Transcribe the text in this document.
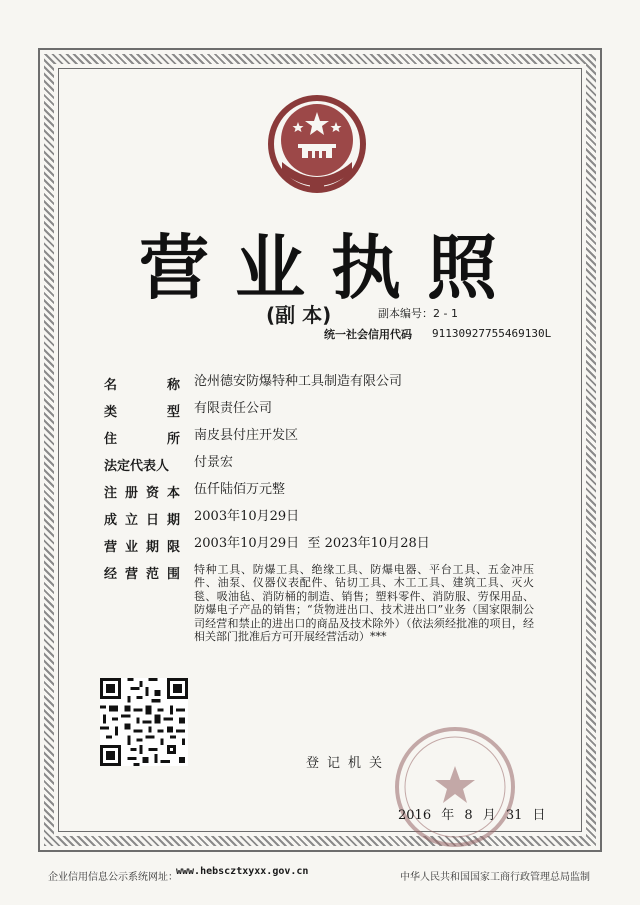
营业执照
(副 本)	副本编号：2 - 1
统一社会信用代码 91130927755469130L
名	称 沧州德安防爆特种工具制造有限公司
类	型 有限责任公司
住	所 南皮县付庄开发区
法定代表人	付景宏
注 册 资 本 伍仟陆佰万元整
成 立 日 期 2003年10月29日
营 业 期 限 2003年10月29日  至 2023年10月28日
经 营 范 围 特种工具、防爆工具、绝缘工具、防爆电器、平台工具、五金冲压件、油泵、仪器仪表配件、钻切工具、木工工具、建筑工具、灭火毯、吸油毡、消防桶的制造、销售；塑料零件、消防服、劳保用品、防爆电子产品的销售；“货物进出口、技术进出口”业务（国家限制公司经营和禁止的进出口的商品及技术除外）（依法须经批准的项目，经相关部门批准后方可开展经营活动）***
登记机关
2016 年 8 月 31 日
企业信用信息公示系统网址：
www.hebscztxyxx.gov.cn
中华人民共和国国家工商行政管理总局监制
